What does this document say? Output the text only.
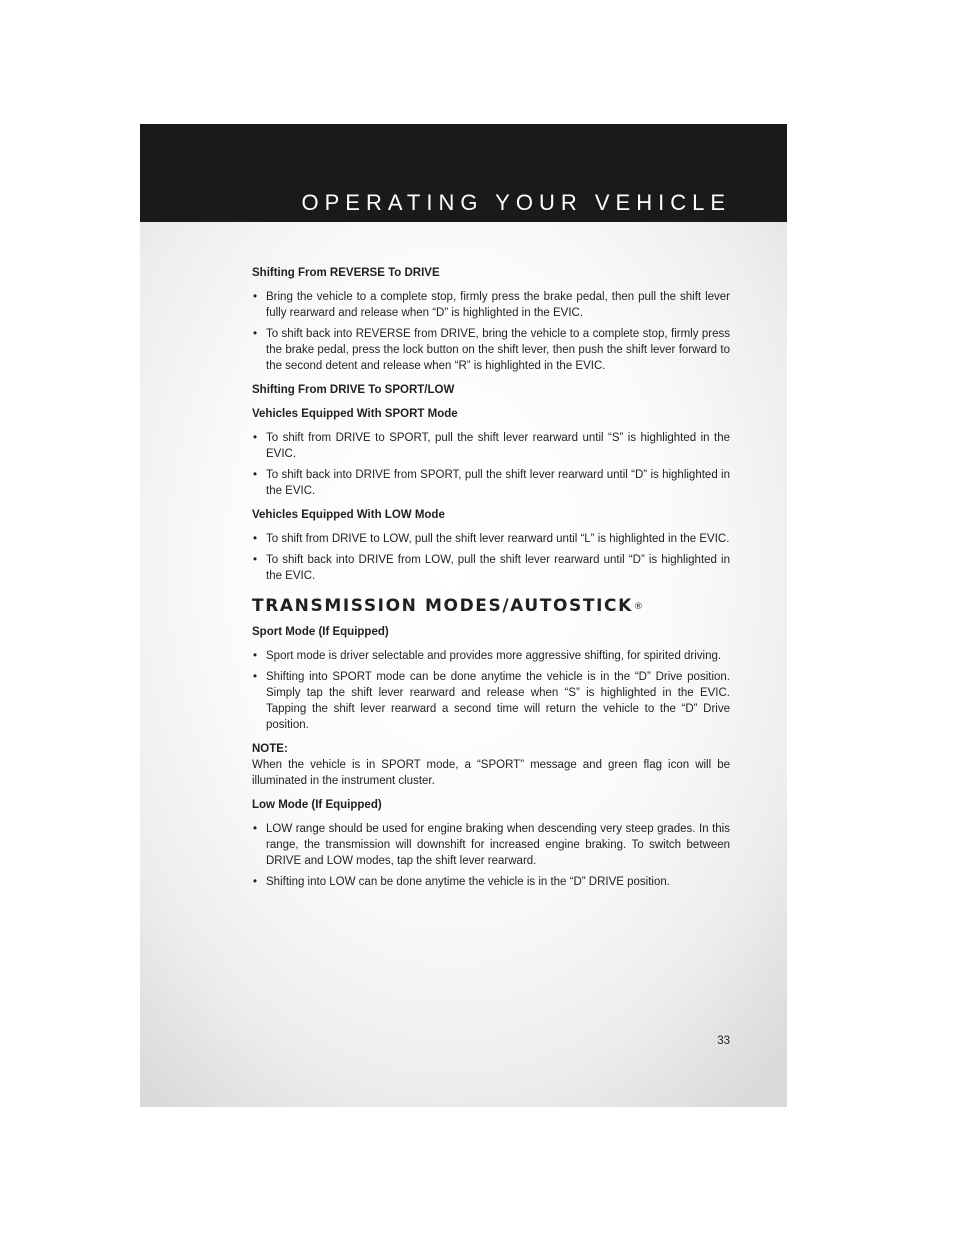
OPERATING YOUR VEHICLE

Shifting From REVERSE To DRIVE

• Bring the vehicle to a complete stop, firmly press the brake pedal, then pull the shift lever fully rearward and release when “D” is highlighted in the EVIC.
• To shift back into REVERSE from DRIVE, bring the vehicle to a complete stop, firmly press the brake pedal, press the lock button on the shift lever, then push the shift lever forward to the second detent and release when “R” is highlighted in the EVIC.

Shifting From DRIVE To SPORT/LOW

Vehicles Equipped With SPORT Mode

• To shift from DRIVE to SPORT, pull the shift lever rearward until “S” is highlighted in the EVIC.
• To shift back into DRIVE from SPORT, pull the shift lever rearward until “D” is highlighted in the EVIC.

Vehicles Equipped With LOW Mode

• To shift from DRIVE to LOW, pull the shift lever rearward until “L” is highlighted in the EVIC.
• To shift back into DRIVE from LOW, pull the shift lever rearward until “D” is highlighted in the EVIC.
TRANSMISSION MODES/AUTOSTICK®

Sport Mode (If Equipped)

• Sport mode is driver selectable and provides more aggressive shifting, for spirited driving.
• Shifting into SPORT mode can be done anytime the vehicle is in the “D” Drive position. Simply tap the shift lever rearward and release when “S” is highlighted in the EVIC. Tapping the shift lever rearward a second time will return the vehicle to the “D” Drive position.

NOTE:

When the vehicle is in SPORT mode, a “SPORT” message and green flag icon will be illuminated in the instrument cluster.

Low Mode (If Equipped)

• LOW range should be used for engine braking when descending very steep grades. In this range, the transmission will downshift for increased engine braking. To switch between DRIVE and LOW modes, tap the shift lever rearward.
• Shifting into LOW can be done anytime the vehicle is in the “D” DRIVE position.
33
